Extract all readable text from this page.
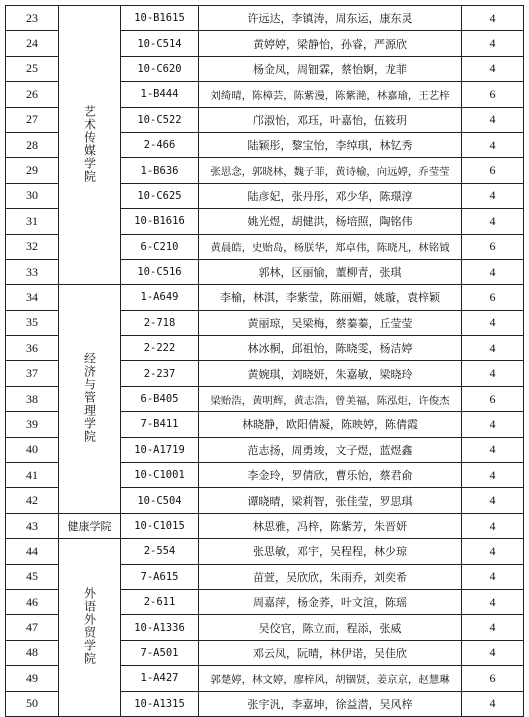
23	艺术传媒学院	10-B1615	许远达，李镇涛，周东运，康东灵	4
24		10-C514	黄婷婷，梁静怡，孙睿，严源欣	4
25		10-C620	杨金凤，周钿霖，蔡怡婀，龙菲	4
26		1-B444	刘绮晴，陈樟芸，陈紫漫，陈紫滟，林嘉瑜，王艺梓	6
27		10-C522	邝淑怡，邓珏，叶嘉怡，伍筱玥	4
28		2-466	陆颖彤，黎宝怡，李绰琪，林钇秀	4
29		1-B636	张思念，郭晓林，魏子菲，黄诗榆，向远婷，乔莹莹	6
30		10-C625	陆彦妃，张丹彤，邓少华，陈璟淳	4
31		10-B1616	姚光煜，胡健洪，杨培照，陶铭伟	4
32		6-C210	黄晨皓，史贻岛，杨朕华，郑卓伟，陈晓凡，林铭钺	6
33		10-C516	郭林，区丽愉，董柳青，张琪	4
34	经济与管理学院	1-A649	李榆，林淇，李紫莹，陈丽媚，姚璇，袁梓颖	6
35		2-718	黄丽琼，吴梁梅，蔡蓁蓁，丘莹莹	4
36		2-222	林冰桐，邱祖怡，陈晓雯，杨洁婷	4
37		2-237	黄婉琪，刘晓妍，朱嘉敏，梁晓玲	4
38		6-B405	梁贻浩，黄明辉，黄志浩，曾美福，陈泓炬，许俊杰	6
39		7-B411	林晓静，欧阳倩凝，陈映婷，陈倩霞	4
40		10-A1719	范志扬，周勇竣，文子煜，蓝煜鑫	4
41		10-C1001	李金玲，罗倩欣，曹乐怡，蔡君俞	4
42		10-C504	谭晓晴，梁莉智，张佳莹，罗思琪	4
43	健康学院	10-C1015	林思雅，冯梓，陈紫芳，朱晋妍	4
44	外语外贸学院	2-554	张思敏，邓宇，吴程程，林少琼	4
45		7-A615	苗萱，吴欣欣，朱雨乔，刘奕希	4
46		2-611	周嘉萍，杨金荞，叶文渲，陈瑶	4
47		10-A1336	吴佼官，陈立而，程添，张威	4
48		7-A501	邓云凤，阮晴，林伊诺，吴佳欣	4
49		1-A427	郭楚婷，林文婷，廖梓风，胡锢贤，姜京京，赵慧琳	6
50		10-A1315	张宇汎，李嘉坤，徐益潜，吴风梓	4
